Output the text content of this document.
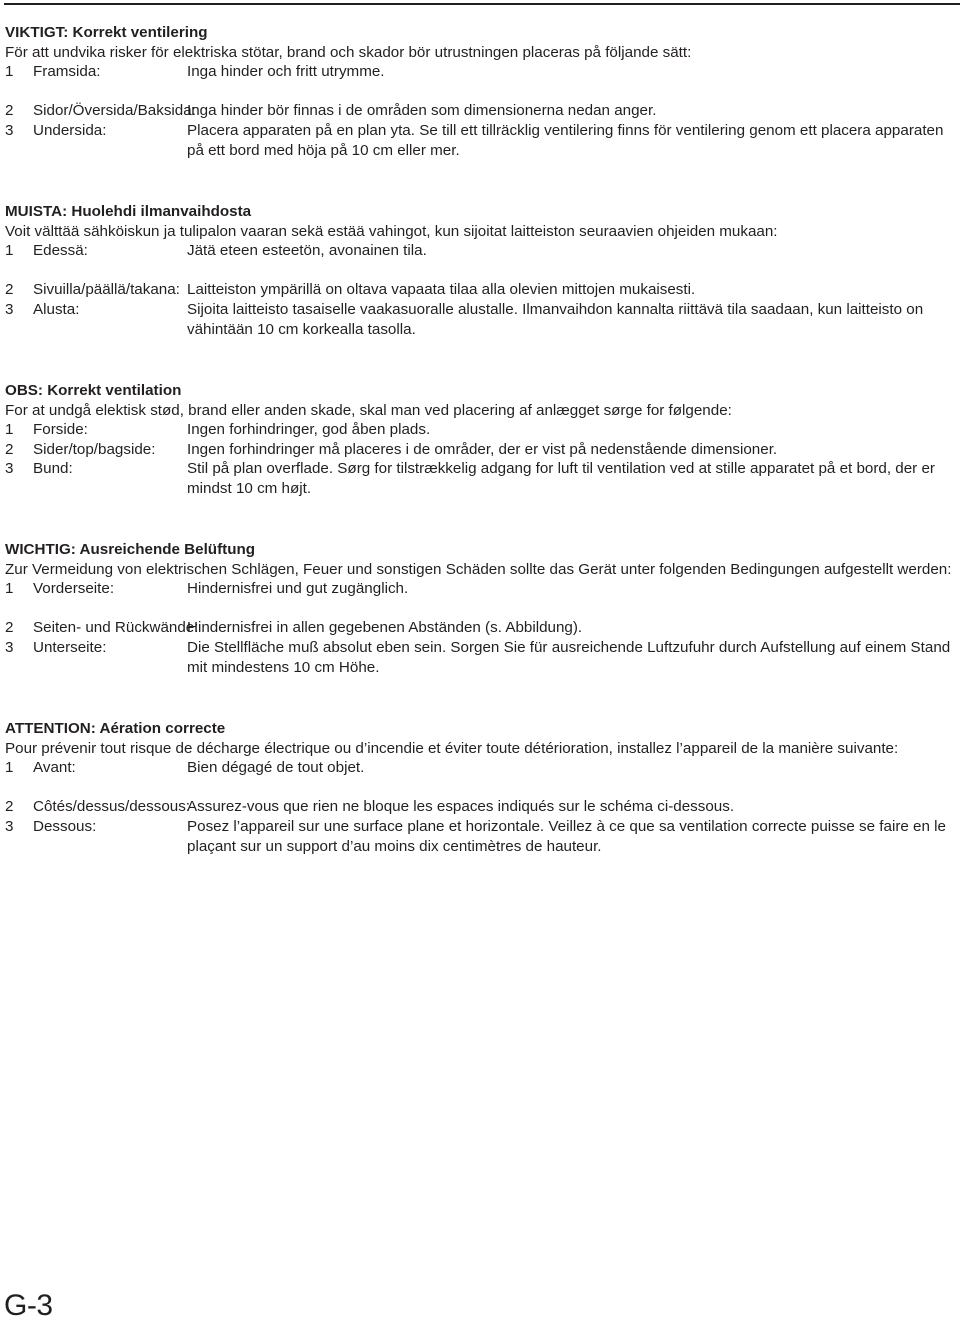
VIKTIGT: Korrekt ventilering
För att undvika risker för elektriska stötar, brand och skador bör utrustningen placeras på följande sätt:
1 Framsida:	Inga hinder och fritt utrymme.
2 Sidor/Översida/Baksida:
Inga hinder bör finnas i de områden som dimensionerna nedan anger.
3 Undersida:	Placera apparaten på en plan yta. Se till ett tillräcklig ventilering finns för ventilering genom ett placera apparaten på ett bord med höja på 10 cm eller mer.
MUISTA: Huolehdi ilmanvaihdosta
Voit välttää sähköiskun ja tulipalon vaaran sekä estää vahingot, kun sijoitat laitteiston seuraavien ohjeiden mukaan:
1 Edessä:	Jätä eteen esteetön, avonainen tila.
2 Sivuilla/päällä/takana: Laitteiston ympärillä on oltava vapaata tilaa alla olevien mittojen mukaisesti.
3 Alusta:	Sijoita laitteisto tasaiselle vaakasuoralle alustalle. Ilmanvaihdon kannalta riittävä tila saadaan, kun laitteisto on vähintään 10 cm korkealla tasolla.
OBS: Korrekt ventilation
For at undgå elektisk stød, brand eller anden skade, skal man ved placering af anlægget sørge for følgende:
1 Forside:	Ingen forhindringer, god åben plads.
2 Sider/top/bagside: Ingen forhindringer må placeres i de områder, der er vist på nedenstående dimensioner.
3 Bund:	Stil på plan overflade. Sørg for tilstrækkelig adgang for luft til ventilation ved at stille apparatet på et bord, der er mindst 10 cm højt.
WICHTIG: Ausreichende Belüftung
Zur Vermeidung von elektrischen Schlägen, Feuer und sonstigen Schäden sollte das Gerät unter folgenden Bedingungen aufgestellt werden:
1 Vorderseite:	Hindernisfrei und gut zugänglich.
2 Seiten- und Rückwände:
Hindernisfrei in allen gegebenen Abständen (s. Abbildung).
3 Unterseite:	Die Stellfläche muß absolut eben sein. Sorgen Sie für ausreichende Luftzufuhr durch Aufstellung auf einem Stand mit mindestens 10 cm Höhe.
ATTENTION: Aération correcte
Pour prévenir tout risque de décharge électrique ou d’incendie et éviter toute détérioration, installez l’appareil de la manière suivante:
1 Avant:	Bien dégagé de tout objet.
2 Côtés/dessus/dessous:
Assurez-vous que rien ne bloque les espaces indiqués sur le schéma ci-dessous.
3 Dessous:	Posez l’appareil sur une surface plane et horizontale. Veillez à ce que sa ventilation correcte puisse se faire en le plaçant sur un support d’au moins dix centimètres de hauteur.
G-3
